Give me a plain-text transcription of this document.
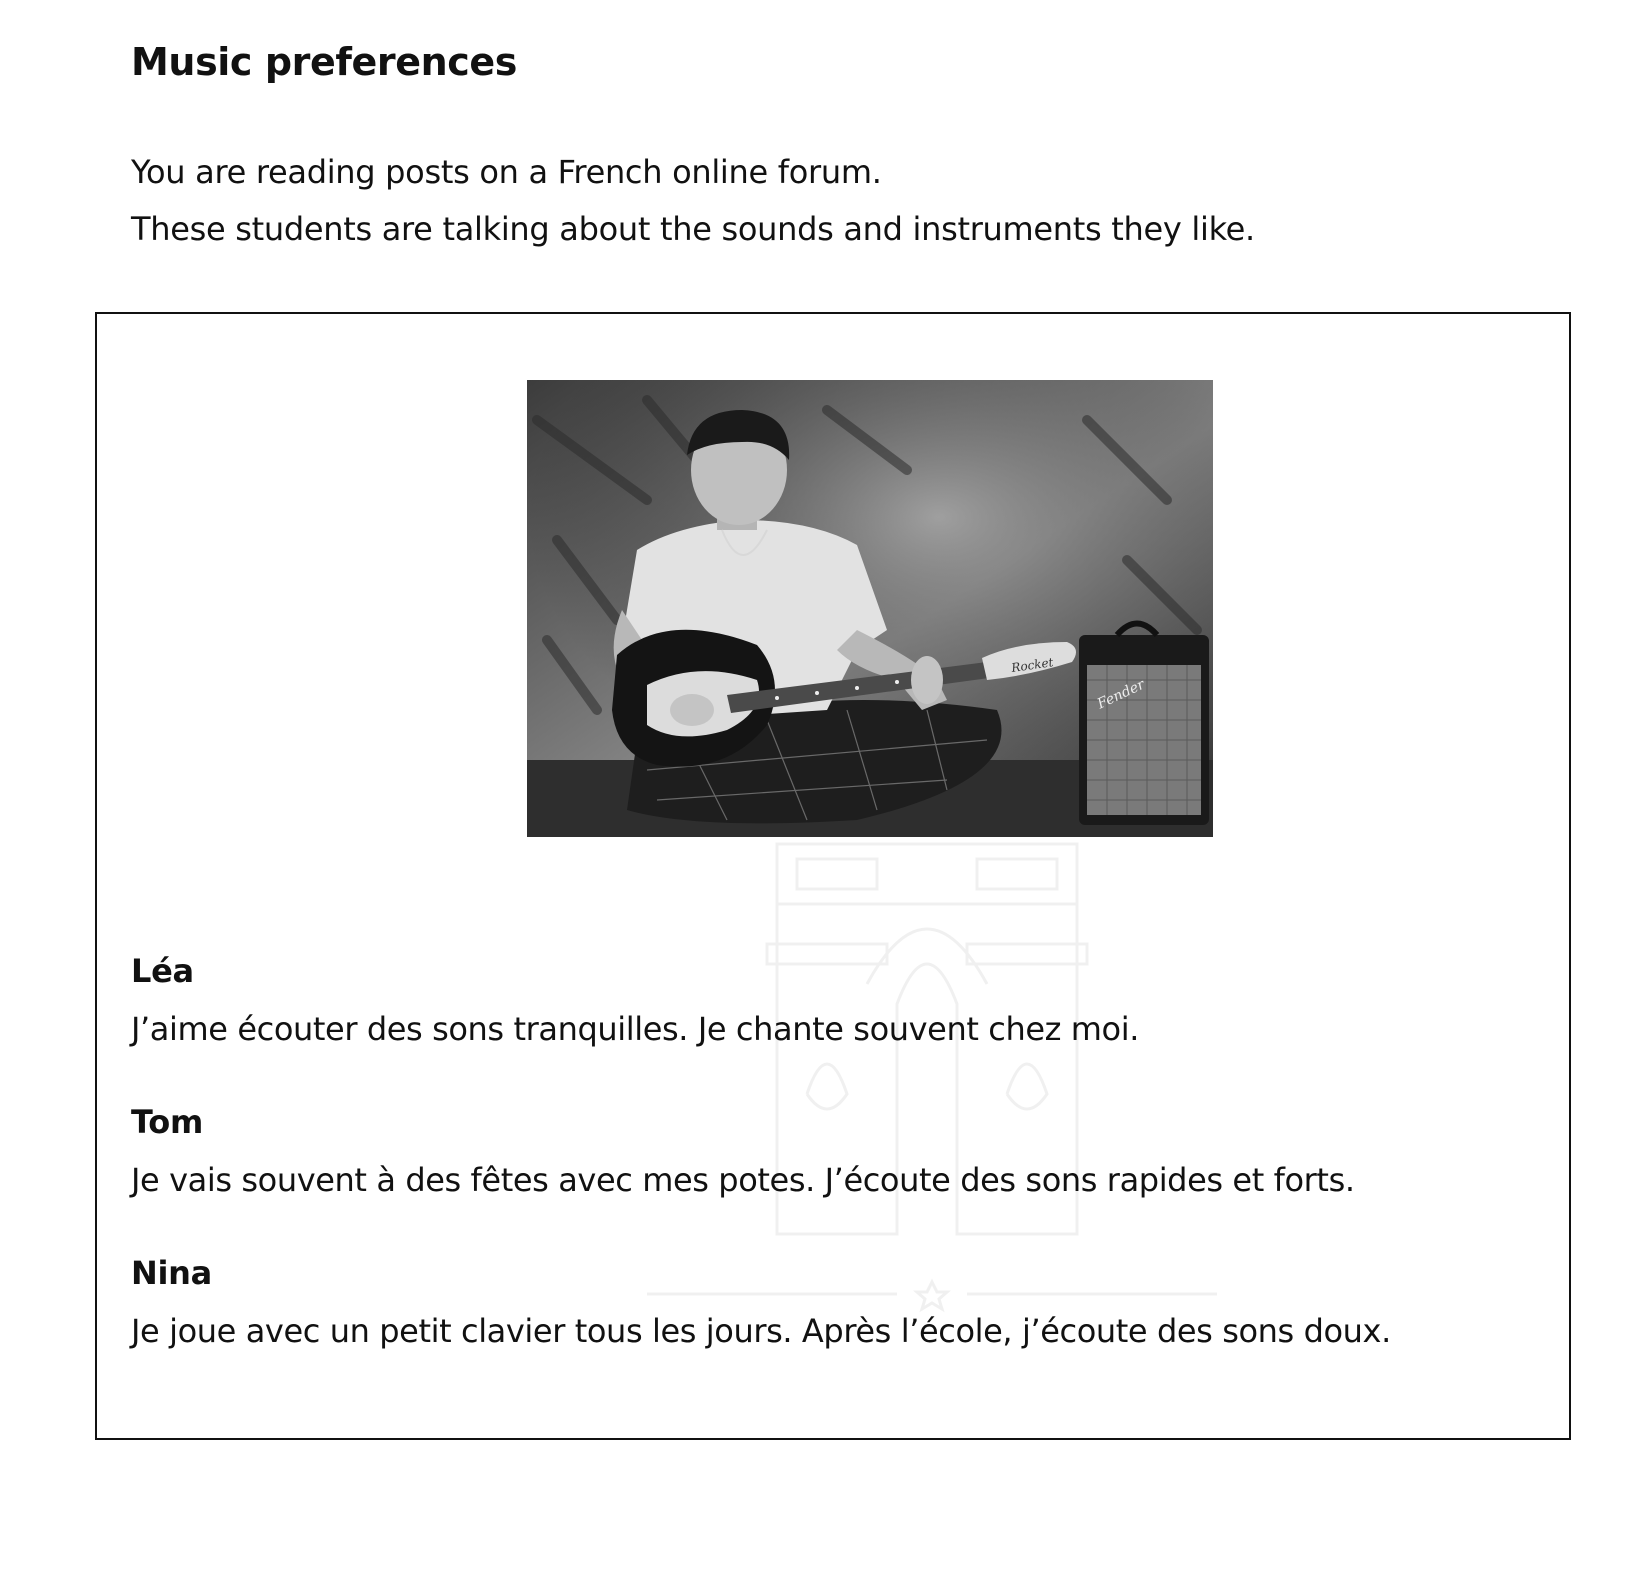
Music preferences

You are reading posts on a French online forum.

These students are talking about the sounds and instruments they like.

Fender
Rocket

Léa

J’aime écouter des sons tranquilles. Je chante souvent chez moi.

Tom

Je vais souvent à des fêtes avec mes potes. J’écoute des sons rapides et forts.

Nina

Je joue avec un petit clavier tous les jours. Après l’école, j’écoute des sons doux.
